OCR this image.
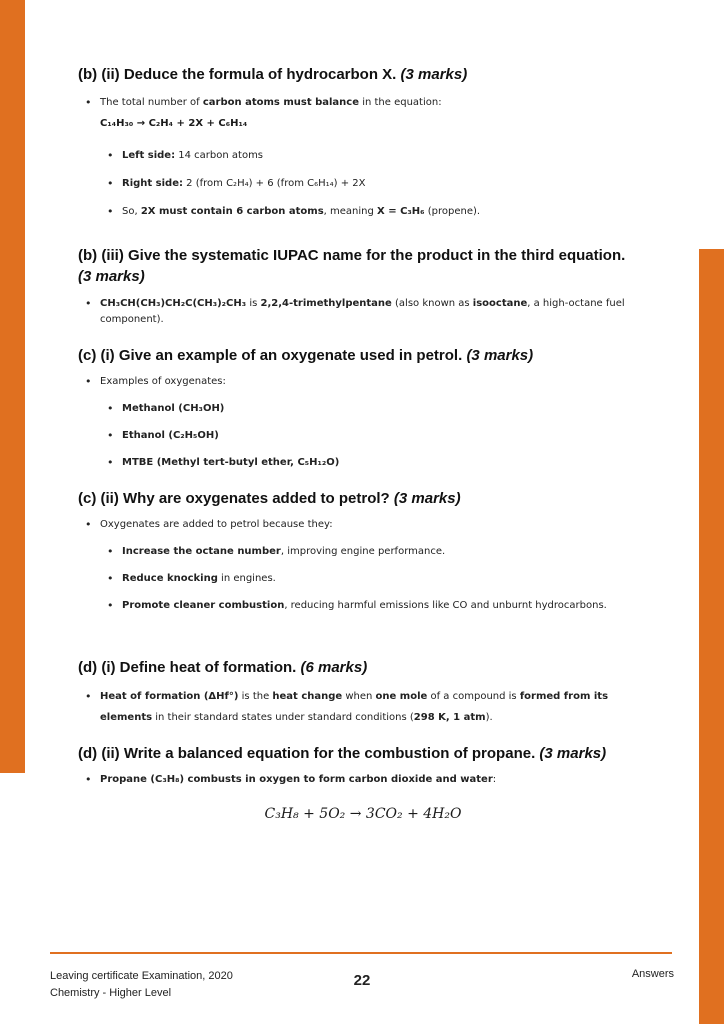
(b) (ii) Deduce the formula of hydrocarbon X. (3 marks)
• The total number of carbon atoms must balance in the equation:
C₁₄H₃₀ → C₂H₄ + 2X + C₆H₁₄
• Left side: 14 carbon atoms
• Right side: 2 (from C₂H₄) + 6 (from C₆H₁₄) + 2X
• So, 2X must contain 6 carbon atoms, meaning X = C₃H₆ (propene).
(b) (iii) Give the systematic IUPAC name for the product in the third equation.
(3 marks)
• CH₃CH(CH₃)CH₂C(CH₃)₂CH₃ is 2,2,4-trimethylpentane (also known as isooctane, a high-octane fuel component).
(c) (i) Give an example of an oxygenate used in petrol. (3 marks)
• Examples of oxygenates:
• Methanol (CH₃OH)
• Ethanol (C₂H₅OH)
• MTBE (Methyl tert-butyl ether, C₅H₁₂O)
(c) (ii) Why are oxygenates added to petrol? (3 marks)
• Oxygenates are added to petrol because they:
• Increase the octane number, improving engine performance.
• Reduce knocking in engines.
• Promote cleaner combustion, reducing harmful emissions like CO and unburnt hydrocarbons.
(d) (i) Define heat of formation. (6 marks)
• Heat of formation (ΔHf°) is the heat change when one mole of a compound is formed from its elements in their standard states under standard conditions (298 K, 1 atm).
(d) (ii) Write a balanced equation for the combustion of propane. (3 marks)
• Propane (C₃H₈) combusts in oxygen to form carbon dioxide and water:
C₃H₈ + 5O₂ → 3CO₂ + 4H₂O
Leaving certificate Examination, 2020
Chemistry - Higher Level
22	Answers
